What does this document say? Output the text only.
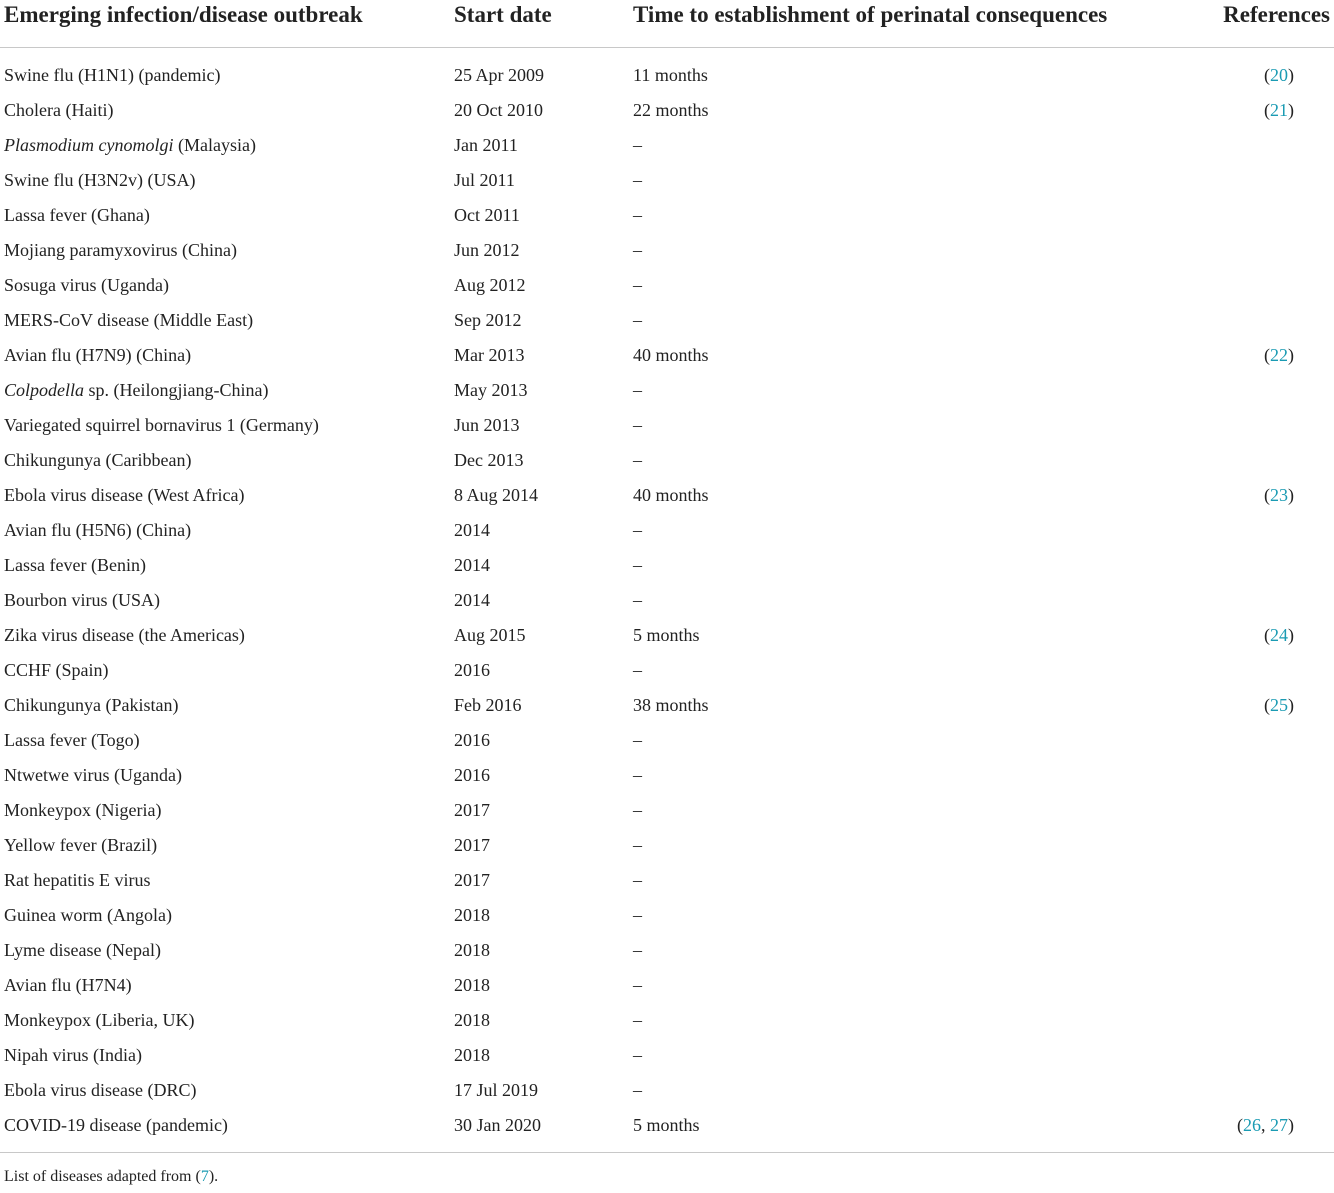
Emerging infection/disease outbreak	Start date	Time to establishment of perinatal consequences	References
Swine flu (H1N1) (pandemic)	25 Apr 2009	11 months	(20)
Cholera (Haiti)	20 Oct 2010	22 months	(21)
Plasmodium cynomolgi (Malaysia)	Jan 2011	–	
Swine flu (H3N2v) (USA)	Jul 2011	–	
Lassa fever (Ghana)	Oct 2011	–	
Mojiang paramyxovirus (China)	Jun 2012	–	
Sosuga virus (Uganda)	Aug 2012	–	
MERS-CoV disease (Middle East)	Sep 2012	–	
Avian flu (H7N9) (China)	Mar 2013	40 months	(22)
Colpodella sp. (Heilongjiang-China)	May 2013	–	
Variegated squirrel bornavirus 1 (Germany)	Jun 2013	–	
Chikungunya (Caribbean)	Dec 2013	–	
Ebola virus disease (West Africa)	8 Aug 2014	40 months	(23)
Avian flu (H5N6) (China)	2014	–	
Lassa fever (Benin)	2014	–	
Bourbon virus (USA)	2014	–	
Zika virus disease (the Americas)	Aug 2015	5 months	(24)
CCHF (Spain)	2016	–	
Chikungunya (Pakistan)	Feb 2016	38 months	(25)
Lassa fever (Togo)	2016	–	
Ntwetwe virus (Uganda)	2016	–	
Monkeypox (Nigeria)	2017	–	
Yellow fever (Brazil)	2017	–	
Rat hepatitis E virus	2017	–	
Guinea worm (Angola)	2018	–	
Lyme disease (Nepal)	2018	–	
Avian flu (H7N4)	2018	–	
Monkeypox (Liberia, UK)	2018	–	
Nipah virus (India)	2018	–	
Ebola virus disease (DRC)	17 Jul 2019	–	
COVID-19 disease (pandemic)	30 Jan 2020	5 months	(26, 27)
List of diseases adapted from (7).
